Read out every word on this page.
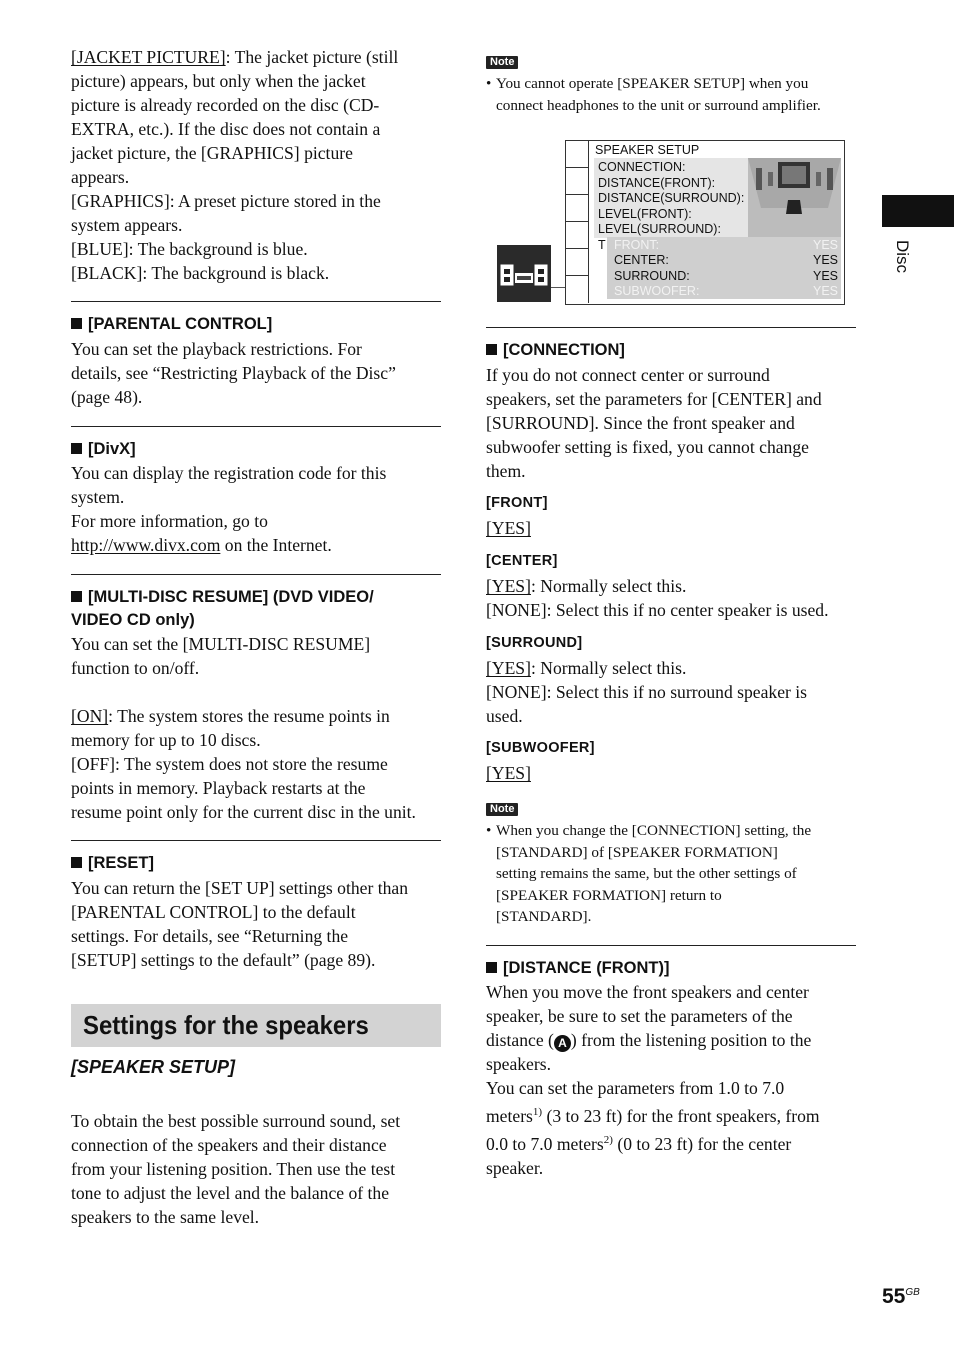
[JACKET PICTURE]: The jacket picture (still
picture) appears, but only when the jacket
picture is already recorded on the disc (CD-
EXTRA, etc.). If the disc does not contain a
jacket picture, the [GRAPHICS] picture
appears.
[GRAPHICS]: A preset picture stored in the
system appears.
[BLUE]: The background is blue.
[BLACK]: The background is black.
[PARENTAL CONTROL]
You can set the playback restrictions. For
details, see “Restricting Playback of the Disc”
(page 48).
[DivX]
You can display the registration code for this
system.
For more information, go to
http://www.divx.com on the Internet.
[MULTI-DISC RESUME] (DVD VIDEO/
VIDEO CD only)
You can set the [MULTI-DISC RESUME]
function to on/off.
[ON]: The system stores the resume points in
memory for up to 10 discs.
[OFF]: The system does not store the resume
points in memory. Playback restarts at the
resume point only for the current disc in the unit.
[RESET]
You can return the [SET UP] settings other than
[PARENTAL CONTROL] to the default
settings. For details, see “Returning the
[SETUP] settings to the default” (page 89).
Settings for the speakers
[SPEAKER SETUP]
To obtain the best possible surround sound, set
connection of the speakers and their distance
from your listening position. Then use the test
tone to adjust the level and the balance of the
speakers to the same level.
Note
• You cannot operate [SPEAKER SETUP] when you
connect headphones to the unit or surround amplifier.
SPEAKER SETUP
CONNECTION:
DISTANCE(FRONT):
DISTANCE(SURROUND):
LEVEL(FRONT):
LEVEL(SURROUND):
T FRONT:	YES
CENTER:	YES
SURROUND:	YES
SUBWOOFER:	YES
[CONNECTION]
If you do not connect center or surround
speakers, set the parameters for [CENTER] and
[SURROUND]. Since the front speaker and
subwoofer setting is fixed, you cannot change
them.
[FRONT]
[YES]
[CENTER]
[YES]: Normally select this.
[NONE]: Select this if no center speaker is used.
[SURROUND]
[YES]: Normally select this.
[NONE]: Select this if no surround speaker is
used.
[SUBWOOFER]
[YES]
Note
• When you change the [CONNECTION] setting, the
[STANDARD] of [SPEAKER FORMATION]
setting remains the same, but the other settings of
[SPEAKER FORMATION] return to
[STANDARD].
[DISTANCE (FRONT)]
When you move the front speakers and center
speaker, be sure to set the parameters of the
distance ( A ) from the listening position to the
speakers.
You can set the parameters from 1.0 to 7.0
meters$^{1)}$ (3 to 23 ft) for the front speakers, from
0.0 to 7.0 meters$^{2)}$ (0 to 23 ft) for the center
speaker.
Disc
$55^{GB}$
